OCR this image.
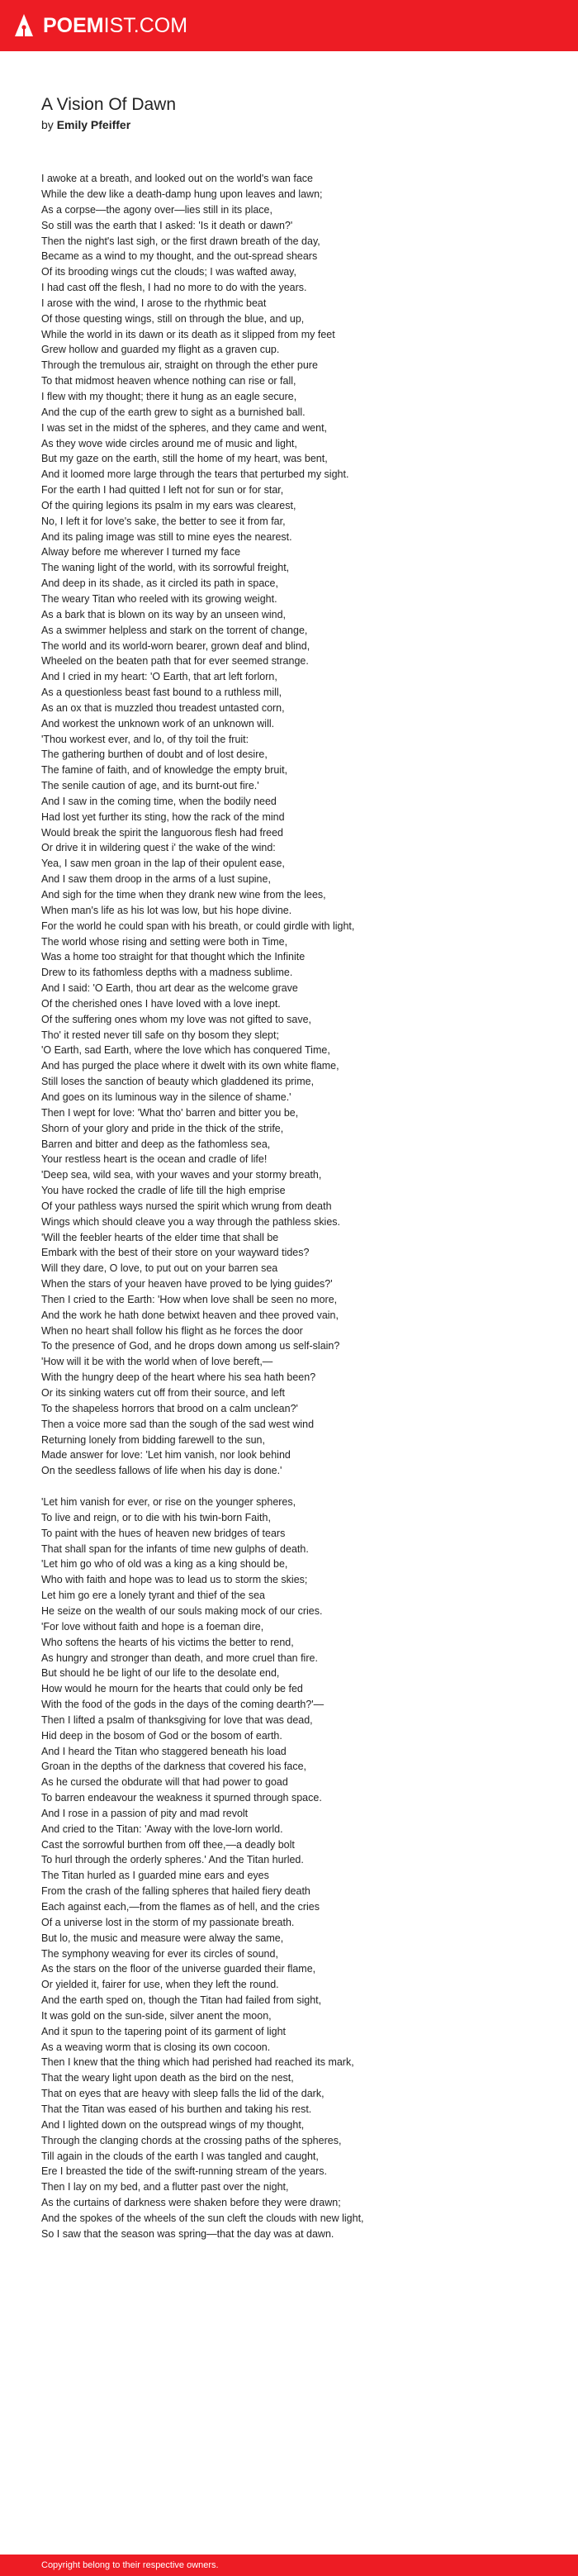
POEMIST.COM
A Vision Of Dawn
by Emily Pfeiffer
I awoke at a breath, and looked out on the world's wan face
While the dew like a death-damp hung upon leaves and lawn;
As a corpse—the agony over—lies still in its place,
So still was the earth that I asked: 'Is it death or dawn?'
Then the night's last sigh, or the first drawn breath of the day,
Became as a wind to my thought, and the out-spread shears
Of its brooding wings cut the clouds; I was wafted away,
I had cast off the flesh, I had no more to do with the years.
I arose with the wind, I arose to the rhythmic beat
Of those questing wings, still on through the blue, and up,
While the world in its dawn or its death as it slipped from my feet
Grew hollow and guarded my flight as a graven cup.
Through the tremulous air, straight on through the ether pure
To that midmost heaven whence nothing can rise or fall,
I flew with my thought; there it hung as an eagle secure,
And the cup of the earth grew to sight as a burnished ball.
I was set in the midst of the spheres, and they came and went,
As they wove wide circles around me of music and light,
But my gaze on the earth, still the home of my heart, was bent,
And it loomed more large through the tears that perturbed my sight.
For the earth I had quitted I left not for sun or for star,
Of the quiring legions its psalm in my ears was clearest,
No, I left it for love's sake, the better to see it from far,
And its paling image was still to mine eyes the nearest.
Alway before me wherever I turned my face
The waning light of the world, with its sorrowful freight,
And deep in its shade, as it circled its path in space,
The weary Titan who reeled with its growing weight.
As a bark that is blown on its way by an unseen wind,
As a swimmer helpless and stark on the torrent of change,
The world and its world-worn bearer, grown deaf and blind,
Wheeled on the beaten path that for ever seemed strange.
And I cried in my heart: 'O Earth, that art left forlorn,
As a questionless beast fast bound to a ruthless mill,
As an ox that is muzzled thou treadest untasted corn,
And workest the unknown work of an unknown will.
'Thou workest ever, and lo, of thy toil the fruit:
The gathering burthen of doubt and of lost desire,
The famine of faith, and of knowledge the empty bruit,
The senile caution of age, and its burnt-out fire.'
And I saw in the coming time, when the bodily need
Had lost yet further its sting, how the rack of the mind
Would break the spirit the languorous flesh had freed
Or drive it in wildering quest i' the wake of the wind:
Yea, I saw men groan in the lap of their opulent ease,
And I saw them droop in the arms of a lust supine,
And sigh for the time when they drank new wine from the lees,
When man's life as his lot was low, but his hope divine.
For the world he could span with his breath, or could girdle with light,
The world whose rising and setting were both in Time,
Was a home too straight for that thought which the Infinite
Drew to its fathomless depths with a madness sublime.
And I said: 'O Earth, thou art dear as the welcome grave
Of the cherished ones I have loved with a love inept.
Of the suffering ones whom my love was not gifted to save,
Tho' it rested never till safe on thy bosom they slept;
'O Earth, sad Earth, where the love which has conquered Time,
And has purged the place where it dwelt with its own white flame,
Still loses the sanction of beauty which gladdened its prime,
And goes on its luminous way in the silence of shame.'
Then I wept for love: 'What tho' barren and bitter you be,
Shorn of your glory and pride in the thick of the strife,
Barren and bitter and deep as the fathomless sea,
Your restless heart is the ocean and cradle of life!
'Deep sea, wild sea, with your waves and your stormy breath,
You have rocked the cradle of life till the high emprise
Of your pathless ways nursed the spirit which wrung from death
Wings which should cleave you a way through the pathless skies.
'Will the feebler hearts of the elder time that shall be
Embark with the best of their store on your wayward tides?
Will they dare, O love, to put out on your barren sea
When the stars of your heaven have proved to be lying guides?'
Then I cried to the Earth: 'How when love shall be seen no more,
And the work he hath done betwixt heaven and thee proved vain,
When no heart shall follow his flight as he forces the door
To the presence of God, and he drops down among us self-slain?
'How will it be with the world when of love bereft,—
With the hungry deep of the heart where his sea hath been?
Or its sinking waters cut off from their source, and left
To the shapeless horrors that brood on a calm unclean?'
Then a voice more sad than the sough of the sad west wind
Returning lonely from bidding farewell to the sun,
Made answer for love: 'Let him vanish, nor look behind
On the seedless fallows of life when his day is done.'
'Let him vanish for ever, or rise on the younger spheres,
To live and reign, or to die with his twin-born Faith,
To paint with the hues of heaven new bridges of tears
That shall span for the infants of time new gulphs of death.
'Let him go who of old was a king as a king should be,
Who with faith and hope was to lead us to storm the skies;
Let him go ere a lonely tyrant and thief of the sea
He seize on the wealth of our souls making mock of our cries.
'For love without faith and hope is a foeman dire,
Who softens the hearts of his victims the better to rend,
As hungry and stronger than death, and more cruel than fire.
But should he be light of our life to the desolate end,
How would he mourn for the hearts that could only be fed
With the food of the gods in the days of the coming dearth?'—
Then I lifted a psalm of thanksgiving for love that was dead,
Hid deep in the bosom of God or the bosom of earth.
And I heard the Titan who staggered beneath his load
Groan in the depths of the darkness that covered his face,
As he cursed the obdurate will that had power to goad
To barren endeavour the weakness it spurned through space.
And I rose in a passion of pity and mad revolt
And cried to the Titan: 'Away with the love-lorn world.
Cast the sorrowful burthen from off thee,—a deadly bolt
To hurl through the orderly spheres.' And the Titan hurled.
The Titan hurled as I guarded mine ears and eyes
From the crash of the falling spheres that hailed fiery death
Each against each,—from the flames as of hell, and the cries
Of a universe lost in the storm of my passionate breath.
But lo, the music and measure were alway the same,
The symphony weaving for ever its circles of sound,
As the stars on the floor of the universe guarded their flame,
Or yielded it, fairer for use, when they left the round.
And the earth sped on, though the Titan had failed from sight,
It was gold on the sun-side, silver anent the moon,
And it spun to the tapering point of its garment of light
As a weaving worm that is closing its own cocoon.
Then I knew that the thing which had perished had reached its mark,
That the weary light upon death as the bird on the nest,
That on eyes that are heavy with sleep falls the lid of the dark,
That the Titan was eased of his burthen and taking his rest.
And I lighted down on the outspread wings of my thought,
Through the clanging chords at the crossing paths of the spheres,
Till again in the clouds of the earth I was tangled and caught,
Ere I breasted the tide of the swift-running stream of the years.
Then I lay on my bed, and a flutter past over the night,
As the curtains of darkness were shaken before they were drawn;
And the spokes of the wheels of the sun cleft the clouds with new light,
So I saw that the season was spring—that the day was at dawn.
Copyright belong to their respective owners.
